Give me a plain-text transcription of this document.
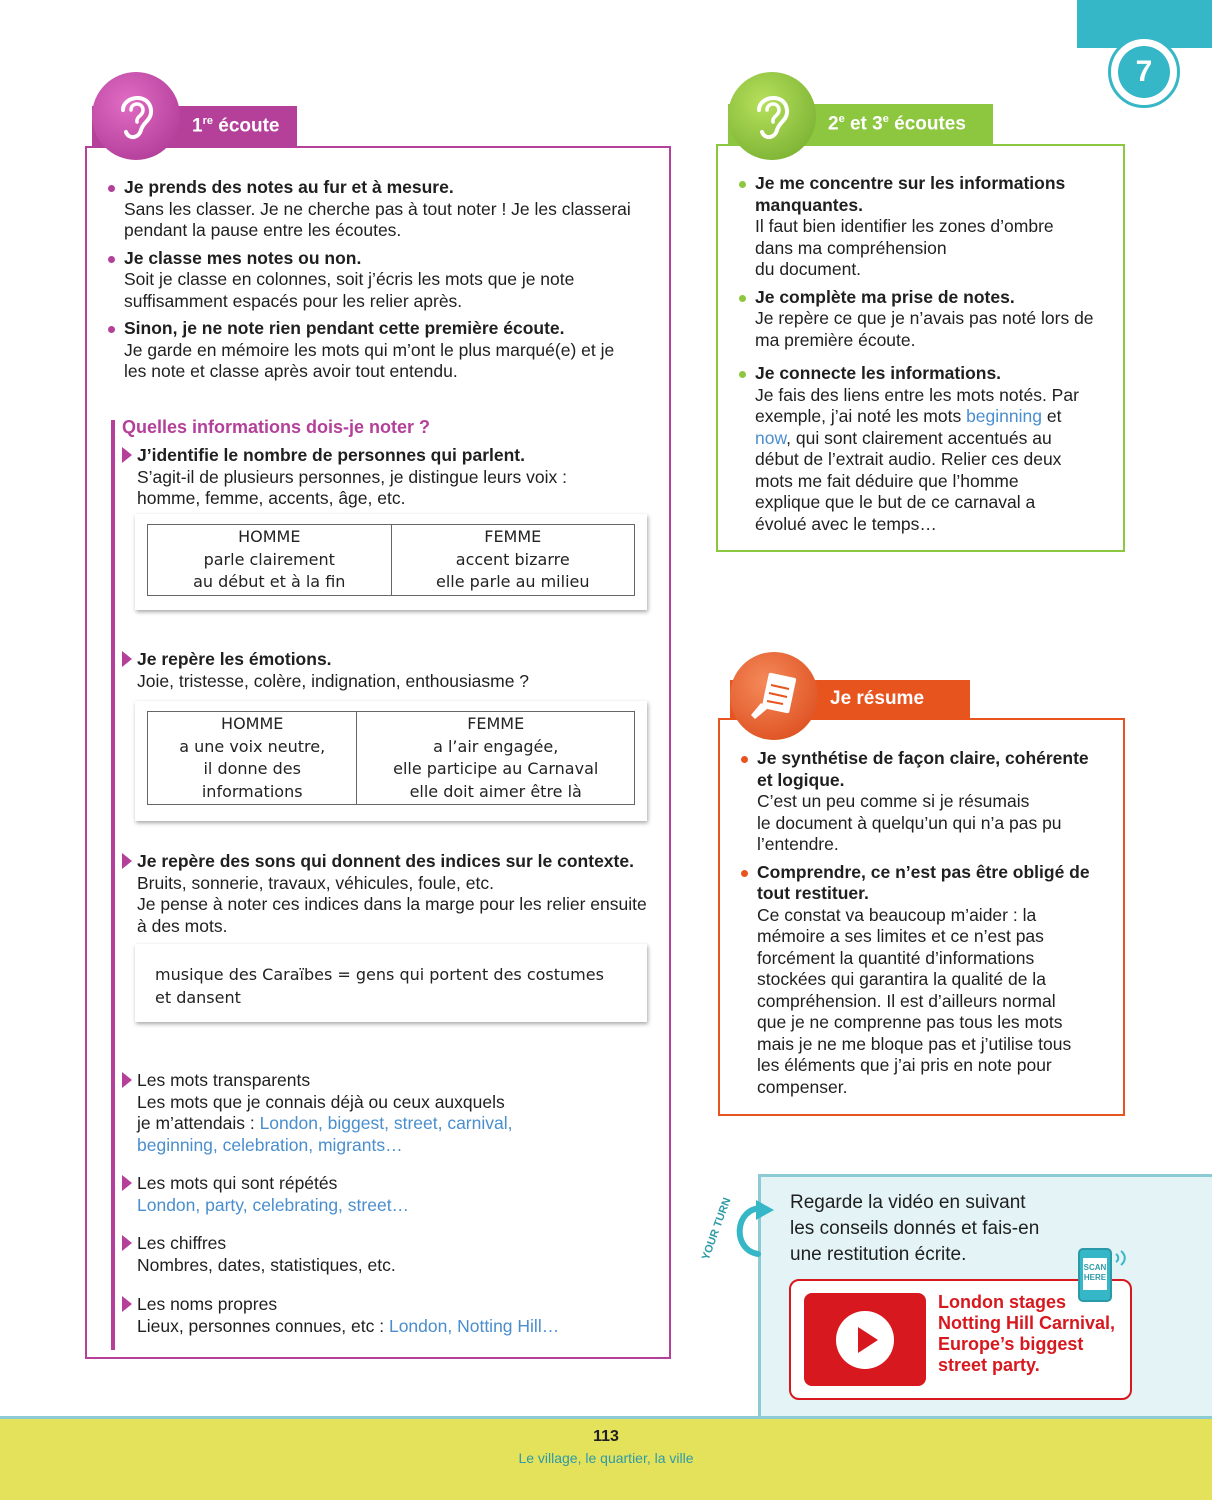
7
1re écoute
Je prends des notes au fur et à mesure.
Sans les classer. Je ne cherche pas à tout noter ! Je les classerai
pendant la pause entre les écoutes.
Je classe mes notes ou non.
Soit je classe en colonnes, soit j’écris les mots que je note
suffisamment espacés pour les relier après.
Sinon, je ne note rien pendant cette première écoute.
Je garde en mémoire les mots qui m’ont le plus marqué(e) et je
les note et classe après avoir tout entendu.
Quelles informations dois-je noter ?
J’identifie le nombre de personnes qui parlent.
S’agit-il de plusieurs personnes, je distingue leurs voix :
homme, femme, accents, âge, etc.
HOMME
parle clairement
au début et à la fin

FEMME
accent bizarre
elle parle au milieu
Je repère les émotions.
Joie, tristesse, colère, indignation, enthousiasme ?
HOMME
a une voix neutre,
il donne des
informations

FEMME
a l’air engagée,
elle participe au Carnaval
elle doit aimer être là
Je repère des sons qui donnent des indices sur le contexte.
Bruits, sonnerie, travaux, véhicules, foule, etc.
Je pense à noter ces indices dans la marge pour les relier ensuite
à des mots.
musique des Caraïbes = gens qui portent des costumes
et dansent
Les mots transparents
Les mots que je connais déjà ou ceux auxquels
je m’attendais : London, biggest, street, carnival,
beginning, celebration, migrants…
Les mots qui sont répétés
London, party, celebrating, street…
Les chiffres
Nombres, dates, statistiques, etc.
Les noms propres
Lieux, personnes connues, etc : London, Notting Hill…
2e et 3e écoutes
Je me concentre sur les informations
manquantes.
Il faut bien identifier les zones d’ombre
dans ma compréhension
du document.
Je complète ma prise de notes.
Je repère ce que je n’avais pas noté lors de
ma première écoute.
Je connecte les informations.
Je fais des liens entre les mots notés. Par
exemple, j’ai noté les mots beginning et
now, qui sont clairement accentués au
début de l’extrait audio. Relier ces deux
mots me fait déduire que l’homme
explique que le but de ce carnaval a
évolué avec le temps…
Je résume
Je synthétise de façon claire, cohérente
et logique.
C’est un peu comme si je résumais
le document à quelqu’un qui n’a pas pu
l’entendre.
Comprendre, ce n’est pas être obligé de
tout restituer.
Ce constat va beaucoup m’aider : la
mémoire a ses limites et ce n’est pas
forcément la quantité d’informations
stockées qui garantira la qualité de la
compréhension. Il est d’ailleurs normal
que je ne comprenne pas tous les mots
mais je ne me bloque pas et j’utilise tous
les éléments que j’ai pris en note pour
compenser.
YOUR TURN	Regarde la vidéo en suivant
les conseils donnés et fais-en
une restitution écrite.
London stages
Notting Hill Carnival,
Europe’s biggest
street party.
SCAN
HERE
113
Le village, le quartier, la ville
